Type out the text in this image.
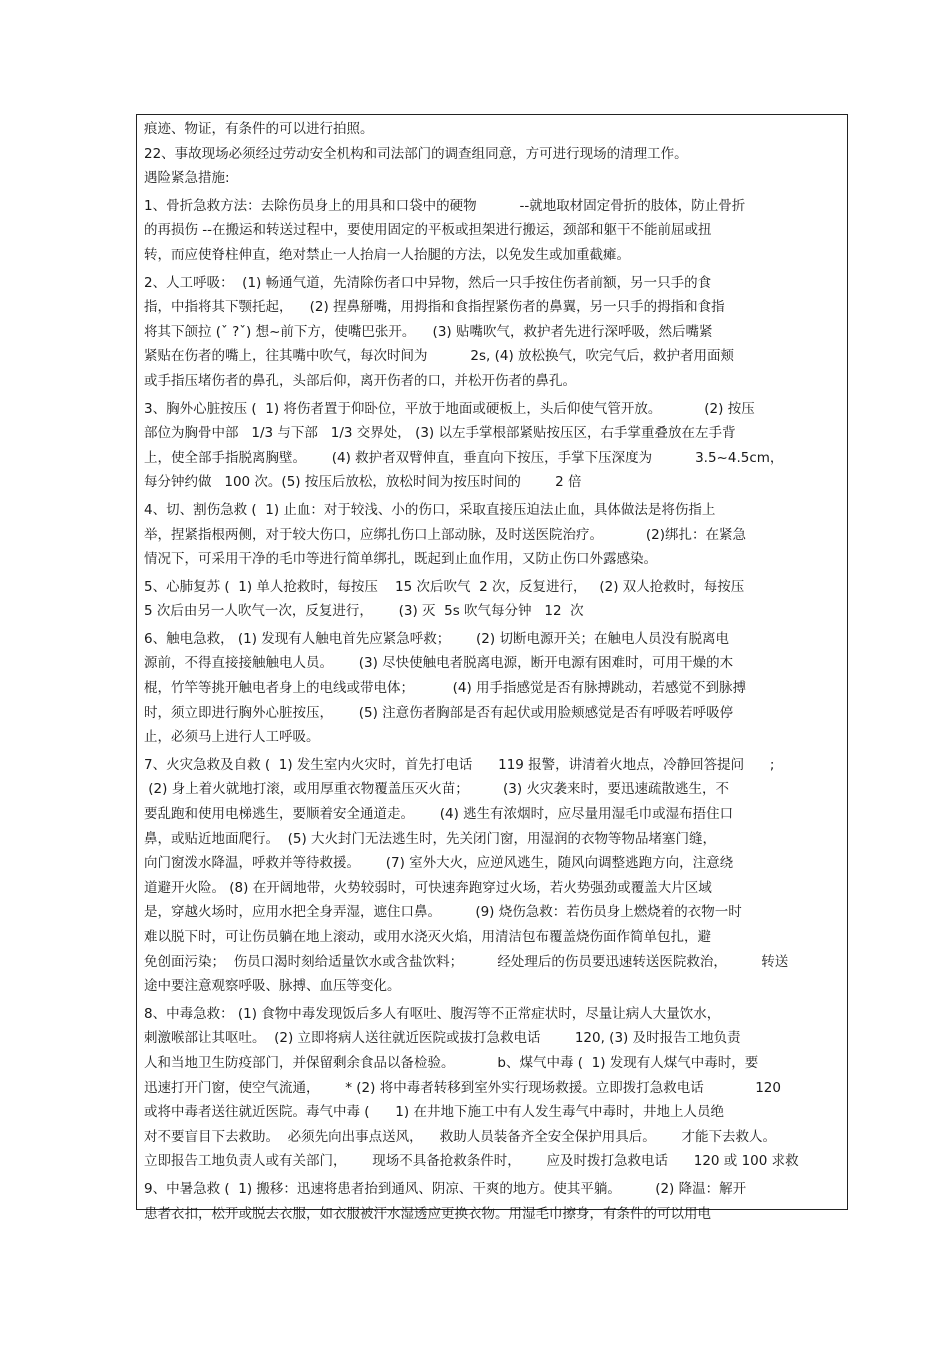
痕迹、物证，有条件的可以进行拍照。
22、事故现场必须经过劳动安全机构和司法部门的调查组同意，方可进行现场的清理工作。
遇险紧急措施:
1、骨折急救方法：去除伤员身上的用具和口袋中的硬物          --就地取材固定骨折的肢体，防止骨折
的再损伤 --在搬运和转送过程中，要使用固定的平板或担架进行搬运，颈部和躯干不能前屈或扭
转，而应使脊柱伸直，绝对禁止一人抬肩一人抬腿的方法，以免发生或加重截瘫。
2、人工呼吸：  (1) 畅通气道，先清除伤者口中异物，然后一只手按住伤者前额，另一只手的食
指，中指将其下颚托起，    (2) 捏鼻掰嘴，用拇指和食指捏紧伤者的鼻翼，另一只手的拇指和食指
将其下颌拉 (ˇ ?ˇ) 想~前下方，使嘴巴张开。    (3) 贴嘴吹气，救护者先进行深呼吸，然后嘴紧
紧贴在伤者的嘴上，往其嘴中吹气，每次时间为          2s, (4) 放松换气，吹完气后，救护者用面颊
或手指压堵伤者的鼻孔，头部后仰，离开伤者的口，并松开伤者的鼻孔。
3、胸外心脏按压 (  1) 将伤者置于仰卧位，平放于地面或硬板上，头后仰使气管开放。          (2) 按压
部位为胸骨中部   1/3 与下部   1/3 交界处， (3) 以左手掌根部紧贴按压区，右手掌重叠放在左手背
上，使全部手指脱离胸壁。      (4) 救护者双臂伸直，垂直向下按压，手掌下压深度为          3.5~4.5cm，
每分钟约做   100 次。(5) 按压后放松，放松时间为按压时间的        2 倍
4、切、割伤急救 (  1) 止血：对于较浅、小的伤口，采取直接压迫法止血，具体做法是将伤指上
举，捏紧指根两侧，对于较大伤口，应绑扎伤口上部动脉，及时送医院治疗。          (2)绑扎：在紧急
情况下，可采用干净的毛巾等进行简单绑扎，既起到止血作用，又防止伤口外露感染。
5、心肺复苏 (  1) 单人抢救时，每按压    15 次后吹气  2 次，反复进行，   (2) 双人抢救时，每按压
5 次后由另一人吹气一次，反复进行，      (3) 灭  5s 吹气每分钟   12  次
6、触电急救， (1) 发现有人触电首先应紧急呼救；      (2) 切断电源开关；在触电人员没有脱离电
源前，不得直接接触触电人员。      (3) 尽快使触电者脱离电源，断开电源有困难时，可用干燥的木
棍，竹竿等挑开触电者身上的电线或带电体；         (4) 用手指感觉是否有脉搏跳动，若感觉不到脉搏
时，须立即进行胸外心脏按压，      (5) 注意伤者胸部是否有起伏或用脸颊感觉是否有呼吸若呼吸停
止，必须马上进行人工呼吸。
7、火灾急救及自救 (  1) 发生室内火灾时，首先打电话      119 报警，讲清着火地点，冷静回答提问      ;
(2) 身上着火就地打滚，或用厚重衣物覆盖压灭火苗；        (3) 火灾袭来时，要迅速疏散逃生，不
要乱跑和使用电梯逃生，要顺着安全通道走。      (4) 逃生有浓烟时，应尽量用湿毛巾或湿布捂住口
鼻，或贴近地面爬行。  (5) 大火封门无法逃生时，先关闭门窗，用湿润的衣物等物品堵塞门缝，
向门窗泼水降温，呼救并等待救援。      (7) 室外大火，应逆风逃生，随风向调整逃跑方向，注意绕
道避开火险。 (8) 在开阔地带，火势较弱时，可快速奔跑穿过火场，若火势强劲或覆盖大片区域
是，穿越火场时，应用水把全身弄湿，遮住口鼻。        (9) 烧伤急救：若伤员身上燃烧着的衣物一时
难以脱下时，可让伤员躺在地上滚动，或用水浇灭火焰，用清洁包布覆盖烧伤面作简单包扎，避
免创面污染；  伤员口渴时刻给适量饮水或含盐饮料；        经处理后的伤员要迅速转送医院救治，        转送
途中要注意观察呼吸、脉搏、血压等变化。
8、中毒急救： (1) 食物中毒发现饭后多人有呕吐、腹泻等不正常症状时，尽量让病人大量饮水，
刺激喉部让其呕吐。  (2) 立即将病人送往就近医院或拔打急救电话        120, (3) 及时报告工地负责
人和当地卫生防疫部门，并保留剩余食品以备检验。          b、煤气中毒 (  1) 发现有人煤气中毒时，要
迅速打开门窗，使空气流通，      * (2) 将中毒者转移到室外实行现场救援。立即拨打急救电话            120
或将中毒者送往就近医院。毒气中毒 (      1) 在井地下施工中有人发生毒气中毒时，井地上人员绝
对不要盲目下去救助。  必须先向出事点送风，    救助人员装备齐全安全保护用具后。      才能下去救人。
立即报告工地负责人或有关部门，      现场不具备抢救条件时，      应及时拨打急救电话      120 或 100 求救
9、中暑急救 (  1) 搬移：迅速将患者抬到通风、阴凉、干爽的地方。使其平躺。        (2) 降温：解开
患者衣扣，松开或脱去衣服，如衣服被汗水湿透应更换衣物。用湿毛巾擦身，有条件的可以用电
